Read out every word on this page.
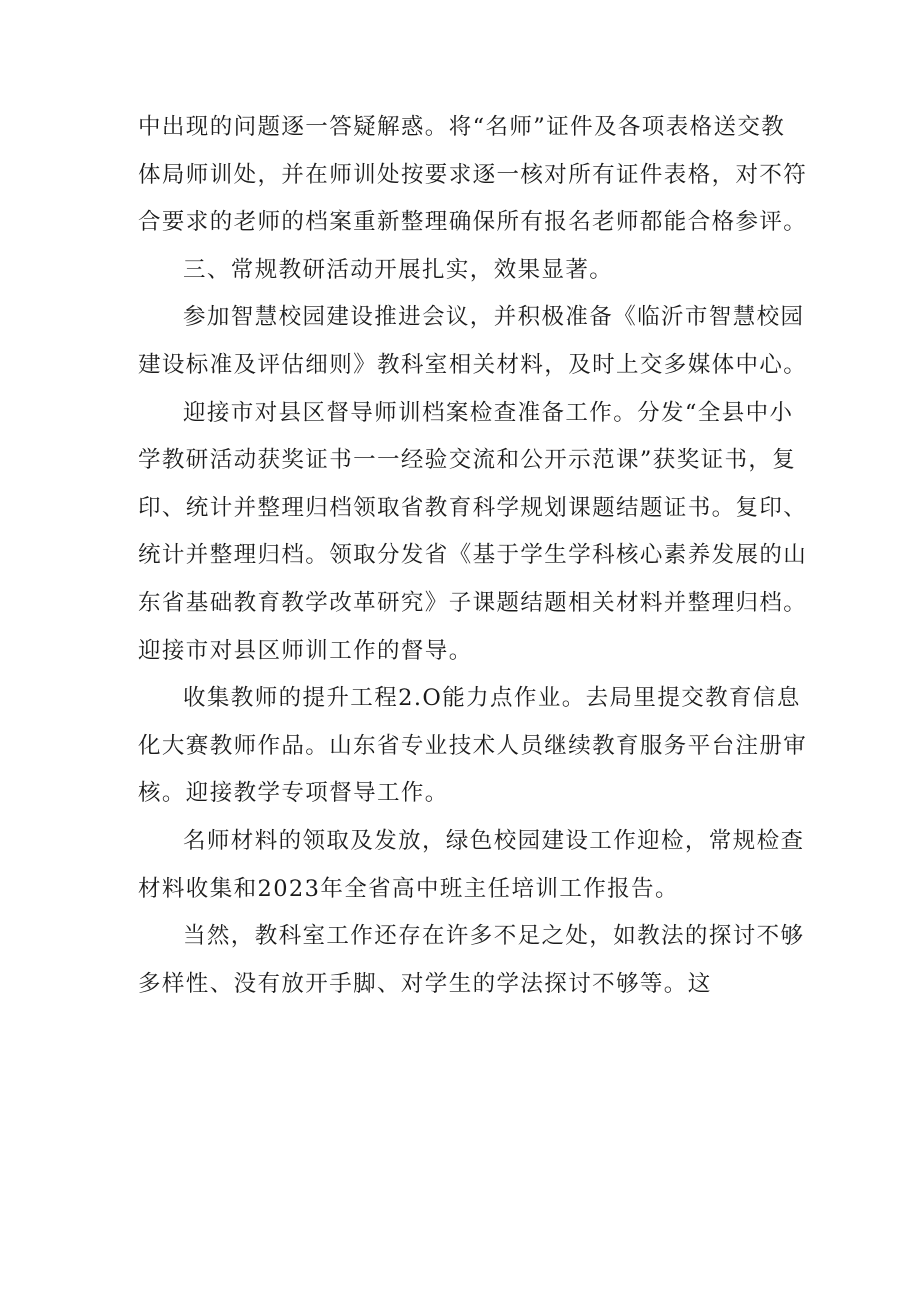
中出现的问题逐一答疑解惑。将“名师”证件及各项表格送交教
体局师训处，并在师训处按要求逐一核对所有证件表格，对不符
合要求的老师的档案重新整理确保所有报名老师都能合格参评。
三、常规教研活动开展扎实，效果显著。
参加智慧校园建设推进会议，并积极准备《临沂市智慧校园
建设标准及评估细则》教科室相关材料，及时上交多媒体中心。
迎接市对县区督导师训档案检查准备工作。分发“全县中小
学教研活动获奖证书一一经验交流和公开示范课”获奖证书，复
印、统计并整理归档领取省教育科学规划课题结题证书。复印、
统计并整理归档。领取分发省《基于学生学科核心素养发展的山
东省基础教育教学改革研究》子课题结题相关材料并整理归档。
迎接市对县区师训工作的督导。
收集教师的提升工程2.O能力点作业。去局里提交教育信息
化大赛教师作品。山东省专业技术人员继续教育服务平台注册审
核。迎接教学专项督导工作。
名师材料的领取及发放，绿色校园建设工作迎检，常规检查
材料收集和2023年全省高中班主任培训工作报告。
当然，教科室工作还存在许多不足之处，如教法的探讨不够
多样性、没有放开手脚、对学生的学法探讨不够等。这
